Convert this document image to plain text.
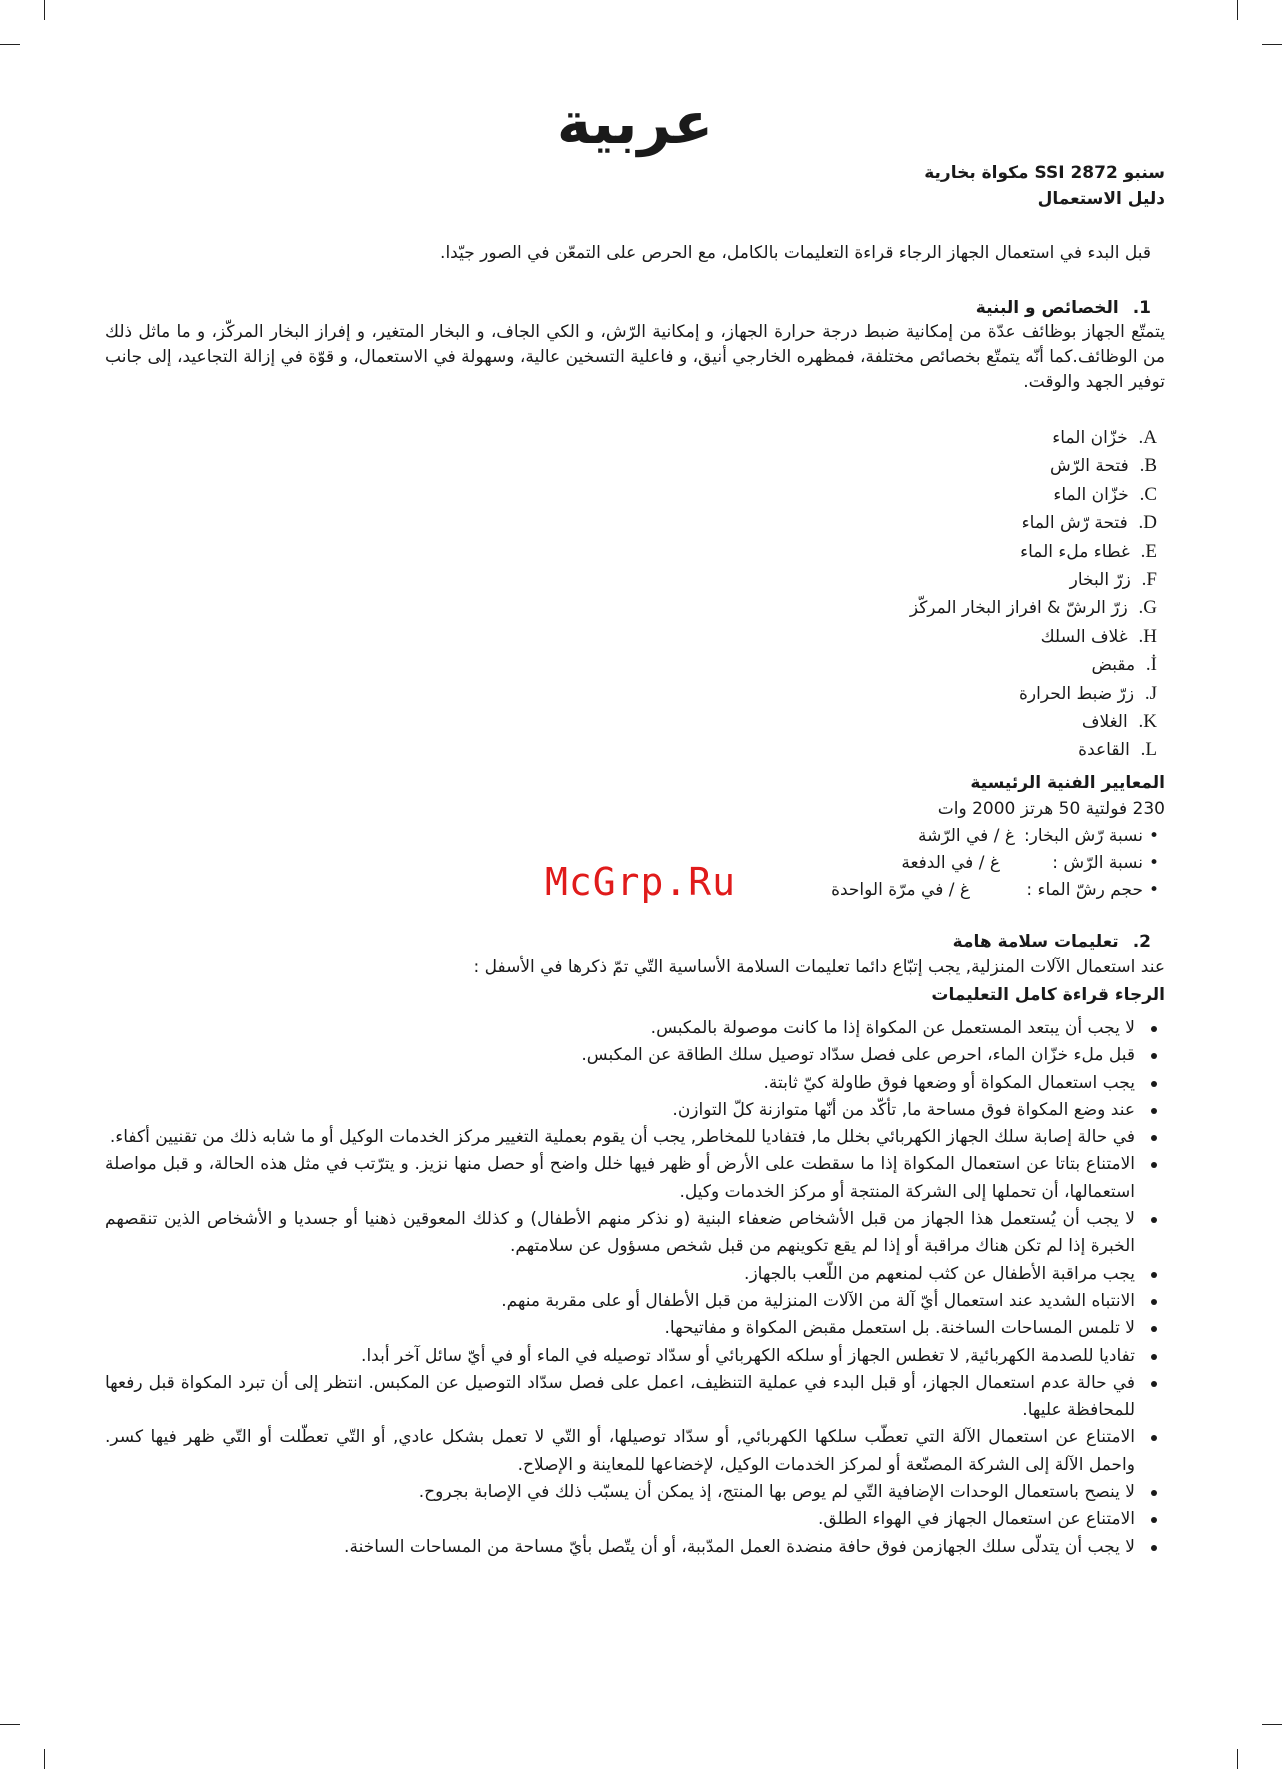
عربية
سنبو SSI 2872 مكواة بخارية
دليل الاستعمال
قبل البدء في استعمال الجهاز الرجاء قراءة التعليمات بالكامل، مع الحرص على التمعّن في الصور جيّدا.
1.الخصائص و البنية
يتمتّع الجهاز بوظائف عدّة من إمكانية ضبط درجة حرارة الجهاز، و إمكانية الرّش، و الكي الجاف، و البخار المتغير، و إفراز البخار المركّز، و ما ماثل ذلك من الوظائف.كما أنّه يتمتّع بخصائص مختلفة، فمظهره الخارجي أنيق، و فاعلية التسخين عالية، وسهولة في الاستعمال، و قوّة في إزالة التجاعيد، إلى جانب توفير الجهد والوقت.
A.  خزّان الماء
B.  فتحة الرّش
C.  خزّان الماء
D.  فتحة رّش الماء
E.  غطاء ملء الماء
F.  زرّ البخار
G.  زرّ الرشّ & افراز البخار المركّز
H.  غلاف السلك
İ.  مقبض
J.  زرّ ضبط الحرارة
K.  الغلاف
L.  القاعدة
المعايير الفنية الرئيسية
230 فولتية 50 هرتز 2000 وات
•نسبة رّش البخار:
غ / في الرّشة
•نسبة الرّش :
غ / في الدفعة
•حجم رشّ الماء :
غ / في مرّة الواحدة
2.تعليمات سلامة هامة
عند استعمال الآلات المنزلية, يجب إتبّاع دائما تعليمات السلامة الأساسية التّي تمّ ذكرها في الأسفل :
الرجاء قراءة كامل التعليمات
لا يجب أن يبتعد المستعمل عن المكواة إذا ما كانت موصولة بالمكبس.
قبل ملء خزّان الماء، احرص على فصل سدّاد توصيل سلك الطاقة عن المكبس.
يجب استعمال المكواة أو وضعها فوق طاولة كيّ ثابتة.
عند وضع المكواة فوق مساحة ما, تأكّد من أنّها متوازنة كلّ التوازن.
في حالة إصابة سلك الجهاز الكهربائي بخلل ما, فتفاديا للمخاطر, يجب أن يقوم بعملية التغيير مركز الخدمات الوكيل أو ما شابه ذلك من تقنيين أكفاء.
الامتناع بتاتا عن استعمال المكواة إذا ما سقطت على الأرض أو ظهر فيها خلل واضح أو حصل منها نزيز. و يترّتب في مثل هذه الحالة، و قبل مواصلة استعمالها، أن تحملها إلى الشركة المنتجة أو مركز الخدمات وكيل.
لا يجب أن يُستعمل هذا الجهاز من قبل الأشخاص ضعفاء البنية (و نذكر منهم الأطفال) و كذلك المعوقين ذهنيا أو جسديا و الأشخاص الذين تنقصهم الخبرة إذا لم تكن هناك مراقبة أو إذا لم يقع تكوينهم من قبل شخص مسؤول عن سلامتهم.
يجب مراقبة الأطفال عن كثب لمنعهم من اللّعب بالجهاز.
الانتباه الشديد عند استعمال أيّ آلة من الآلات المنزلية من قبل الأطفال أو على مقربة منهم.
لا تلمس المساحات الساخنة. بل استعمل مقبض المكواة و مفاتيحها.
تفاديا للصدمة الكهربائية, لا تغطس الجهاز أو سلكه الكهربائي أو سدّاد توصيله في الماء أو في أيّ سائل آخر أبدا.
في حالة عدم استعمال الجهاز، أو قبل البدء في عملية التنظيف، اعمل على فصل سدّاد التوصيل عن المكبس. انتظر إلى أن تبرد المكواة قبل رفعها للمحافظة عليها.
الامتناع عن استعمال الآلة التي تعطّب سلكها الكهربائي, أو سدّاد توصيلها، أو التّي لا تعمل بشكل عادي, أو التّي تعطّلت أو التّي ظهر فيها كسر. واحمل الآلة إلى الشركة المصنّعة أو لمركز الخدمات الوكيل، لإخضاعها للمعاينة و الإصلاح.
لا ينصح باستعمال الوحدات الإضافية التّي لم يوص بها المنتج، إذ يمكن أن يسبّب ذلك في الإصابة بجروح.
الامتناع عن استعمال الجهاز في الهواء الطلق.
لا يجب أن يتدلّى سلك الجهازمن فوق حافة منضدة العمل المدّببة، أو أن يتّصل بأيّ مساحة من المساحات الساخنة.
McGrp.Ru
